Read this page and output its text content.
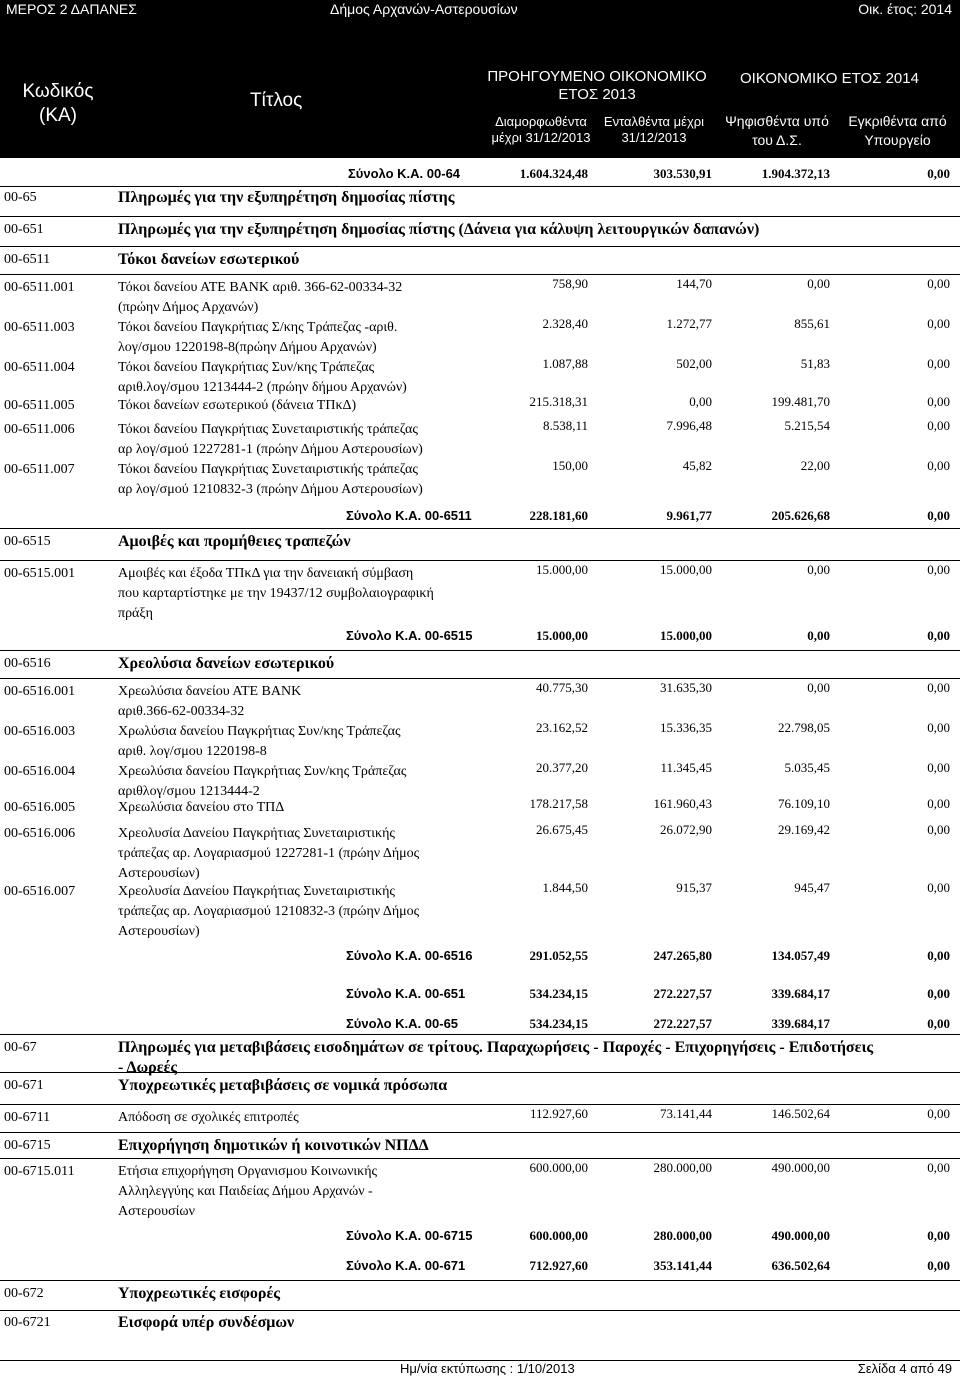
ΜΕΡΟΣ 2 ΔΑΠΑΝΕΣ	Δήμος Αρχανών-Αστερουσίων	Οικ. έτος: 2014
Κωδικός (ΚΑ)
Τίτλος
ΠΡΟΗΓΟΥΜΕΝΟ ΟΙΚΟΝΟΜΙΚΟ ΕΤΟΣ 2013
Διαμορφωθέντα μέχρι 31/12/2013
Ενταλθέντα μέχρι 31/12/2013
ΟΙΚΟΝΟΜΙΚΟ ΕΤΟΣ 2014
Ψηφισθέντα υπό του Δ.Σ.
Εγκριθέντα από Υπουργείο
Σύνολο Κ.Α. 00-64	1.604.324,48	303.530,91	1.904.372,13	0,00
00-65	Πληρωμές για την εξυπηρέτηση δημοσίας πίστης
00-651	Πληρωμές για την εξυπηρέτηση δημοσίας πίστης (Δάνεια για κάλυψη λειτουργικών δαπανών)
00-6511	Τόκοι δανείων εσωτερικού
00-6511.001	Τόκοι δανείου ΑΤΕ BANK αριθ. 366-62-00334-32
(πρώην Δήμος Αρχανών)
758,90	144,70	0,00	0,00
00-6511.003	Τόκοι δανείου Παγκρήτιας Σ/κης Τράπεζας -αριθ.
λογ/σμου 1220198-8(πρώην Δήμου Αρχανών)
2.328,40	1.272,77	855,61	0,00
00-6511.004	Τόκοι δανείου Παγκρήτιας Συν/κης Τράπεζας
αριθ.λογ/σμου 1213444-2 (πρώην δήμου Αρχανών)
1.087,88	502,00	51,83	0,00
00-6511.005	Τόκοι δανείων εσωτερικού (δάνεια ΤΠκΔ)	215.318,31	0,00	199.481,70	0,00
00-6511.006	Τόκοι δανείου Παγκρήτιας Συνεταιριστικής τράπεζας
αρ λογ/σμού 1227281-1 (πρώην Δήμου Αστερουσίων)
8.538,11	7.996,48	5.215,54	0,00
00-6511.007	Τόκοι δανείου Παγκρήτιας Συνεταιριστικής τράπεζας
αρ λογ/σμού 1210832-3 (πρώην Δήμου Αστερουσίων)
150,00	45,82	22,00	0,00
Σύνολο Κ.Α. 00-6511	228.181,60	9.961,77	205.626,68	0,00
00-6515	Αμοιβές και προμήθειες τραπεζών
00-6515.001	Αμοιβές και έξοδα ΤΠκΔ για την δανειακή σύμβαση
που καρταρτίστηκε με την 19437/12 συμβολαιογραφική
πράξη
15.000,00	15.000,00	0,00	0,00
Σύνολο Κ.Α. 00-6515	15.000,00	15.000,00	0,00	0,00
00-6516	Χρεολύσια δανείων εσωτερικού
00-6516.001	Χρεωλύσια δανείου ΑΤΕ BANK
αριθ.366-62-00334-32
40.775,30	31.635,30	0,00	0,00
00-6516.003	Χρωλύσια δανείου Παγκρήτιας Συν/κης Τράπεζας
αριθ. λογ/σμου 1220198-8
23.162,52	15.336,35	22.798,05	0,00
00-6516.004	Χρεωλύσια δανείου Παγκρήτιας Συν/κης Τράπεζας
αριθλογ/σμου 1213444-2
20.377,20	11.345,45	5.035,45	0,00
00-6516.005	Χρεωλύσια δανείου στο ΤΠΔ	178.217,58	161.960,43	76.109,10	0,00
00-6516.006	Χρεολυσία Δανείου Παγκρήτιας Συνεταιριστικής
τράπεζας αρ. Λογαριασμού 1227281-1 (πρώην Δήμος
Αστερουσίων)
26.675,45	26.072,90	29.169,42	0,00
00-6516.007	Χρεολυσία Δανείου Παγκρήτιας Συνεταιριστικής
τράπεζας αρ. Λογαριασμού 1210832-3 (πρώην Δήμος
Αστερουσίων)
1.844,50	915,37	945,47	0,00
Σύνολο Κ.Α. 00-6516	291.052,55	247.265,80	134.057,49	0,00
Σύνολο Κ.Α. 00-651	534.234,15	272.227,57	339.684,17	0,00
Σύνολο Κ.Α. 00-65	534.234,15	272.227,57	339.684,17	0,00
00-67	Πληρωμές για μεταβιβάσεις εισοδημάτων σε τρίτους. Παραχωρήσεις - Παροχές - Επιχορηγήσεις - Επιδοτήσεις
- Δωρεές
00-671	Υποχρεωτικές μεταβιβάσεις σε νομικά πρόσωπα
00-6711	Απόδοση σε σχολικές επιτροπές	112.927,60	73.141,44	146.502,64	0,00
00-6715	Επιχορήγηση δημοτικών ή κοινοτικών ΝΠΔΔ
00-6715.011	Ετήσια επιχορήγηση Οργανισμου Κοινωνικής
Αλληλεγγύης και Παιδείας Δήμου Αρχανών -
Αστερουσίων
600.000,00	280.000,00	490.000,00	0,00
Σύνολο Κ.Α. 00-6715	600.000,00	280.000,00	490.000,00	0,00
Σύνολο Κ.Α. 00-671	712.927,60	353.141,44	636.502,64	0,00
00-672	Υποχρεωτικές εισφορές
00-6721	Εισφορά υπέρ συνδέσμων
Ημ/νία εκτύπωσης : 1/10/2013	Σελίδα 4 από 49
